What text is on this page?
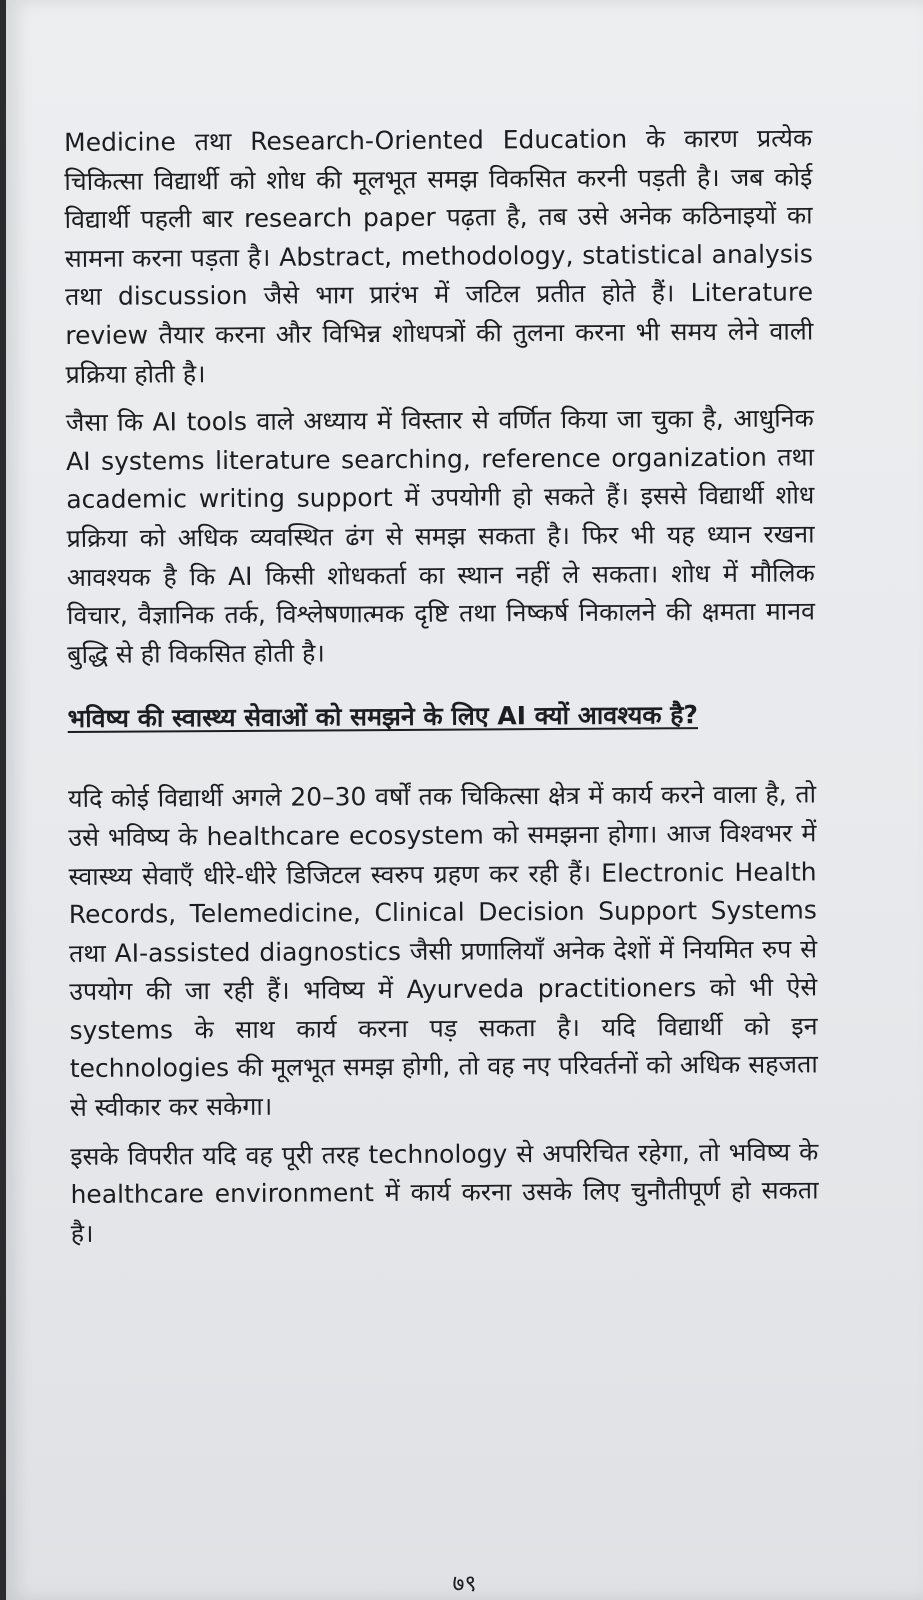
Medicine तथा Research-Oriented Education के कारण प्रत्येक चिकित्सा विद्यार्थी को शोध की मूलभूत समझ विकसित करनी पड़ती है। जब कोई विद्यार्थी पहली बार research paper पढ़ता है, तब उसे अनेक कठिनाइयों का सामना करना पड़ता है। Abstract, methodology, statistical analysis तथा discussion जैसे भाग प्रारंभ में जटिल प्रतीत होते हैं। Literature review तैयार करना और विभिन्न शोधपत्रों की तुलना करना भी समय लेने वाली प्रक्रिया होती है।

जैसा कि AI tools वाले अध्याय में विस्तार से वर्णित किया जा चुका है, आधुनिक AI systems literature searching, reference organization तथा academic writing support में उपयोगी हो सकते हैं। इससे विद्यार्थी शोध प्रक्रिया को अधिक व्यवस्थित ढंग से समझ सकता है। फिर भी यह ध्यान रखना आवश्यक है कि AI किसी शोधकर्ता का स्थान नहीं ले सकता। शोध में मौलिक विचार, वैज्ञानिक तर्क, विश्लेषणात्मक दृष्टि तथा निष्कर्ष निकालने की क्षमता मानव बुद्धि से ही विकसित होती है।

भविष्य की स्वास्थ्य सेवाओं को समझने के लिए AI क्यों आवश्यक है?

यदि कोई विद्यार्थी अगले 20–30 वर्षों तक चिकित्सा क्षेत्र में कार्य करने वाला है, तो उसे भविष्य के healthcare ecosystem को समझना होगा। आज विश्वभर में स्वास्थ्य सेवाएँ धीरे-धीरे डिजिटल स्वरुप ग्रहण कर रही हैं। Electronic Health Records, Telemedicine, Clinical Decision Support Systems तथा AI-assisted diagnostics जैसी प्रणालियाँ अनेक देशों में नियमित रुप से उपयोग की जा रही हैं। भविष्य में Ayurveda practitioners को भी ऐसे systems के साथ कार्य करना पड़ सकता है। यदि विद्यार्थी को इन technologies की मूलभूत समझ होगी, तो वह नए परिवर्तनों को अधिक सहजता से स्वीकार कर सकेगा।

इसके विपरीत यदि वह पूरी तरह technology से अपरिचित रहेगा, तो भविष्य के healthcare environment में कार्य करना उसके लिए चुनौतीपूर्ण हो सकता है।

७९
